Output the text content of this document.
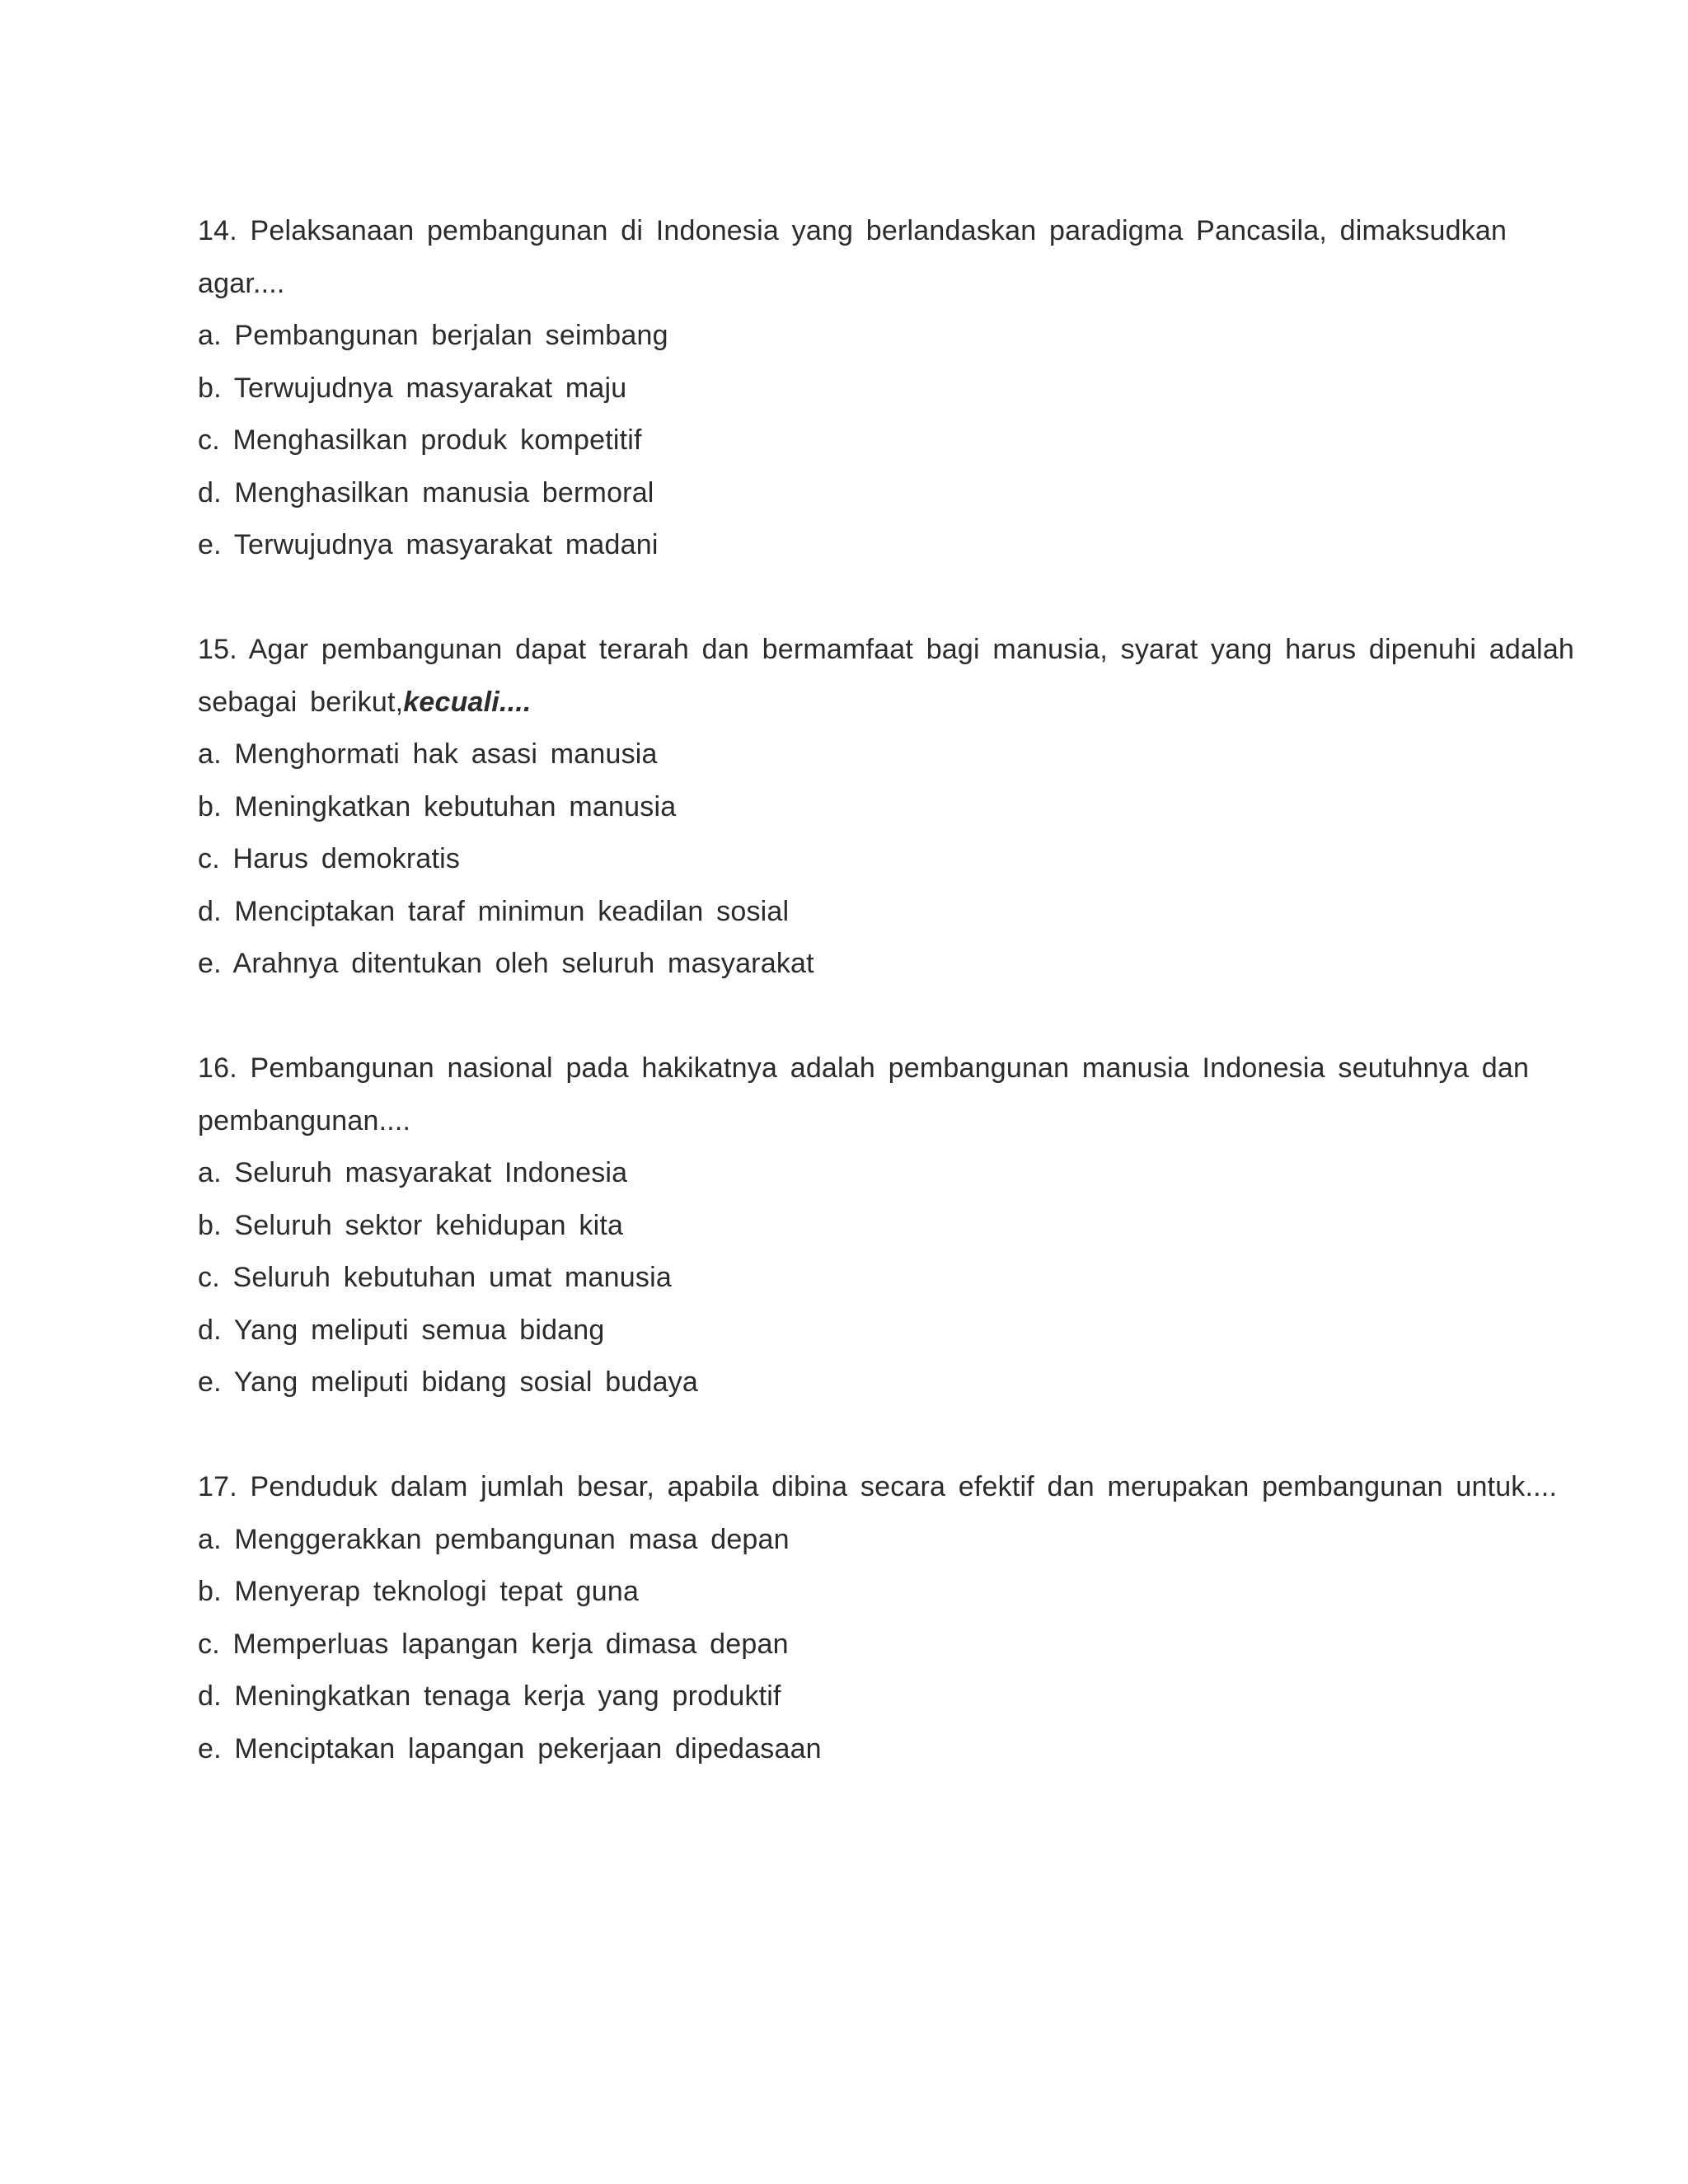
14. Pelaksanaan pembangunan di Indonesia yang berlandaskan paradigma Pancasila, dimaksudkan
agar....
a. Pembangunan berjalan seimbang
b. Terwujudnya masyarakat maju
c. Menghasilkan produk kompetitif
d. Menghasilkan manusia bermoral
e. Terwujudnya masyarakat madani
15. Agar pembangunan dapat terarah dan bermamfaat bagi manusia, syarat yang harus dipenuhi adalah
sebagai berikut,kecuali....
a. Menghormati hak asasi manusia
b. Meningkatkan kebutuhan manusia
c. Harus demokratis
d. Menciptakan taraf minimun keadilan sosial
e. Arahnya ditentukan oleh seluruh masyarakat
16. Pembangunan nasional pada hakikatnya adalah pembangunan manusia Indonesia seutuhnya dan
pembangunan....
a. Seluruh masyarakat Indonesia
b. Seluruh sektor kehidupan kita
c. Seluruh kebutuhan umat manusia
d. Yang meliputi semua bidang
e. Yang meliputi bidang sosial budaya
17. Penduduk dalam jumlah besar, apabila dibina secara efektif dan merupakan pembangunan untuk....
a. Menggerakkan pembangunan masa depan
b. Menyerap teknologi tepat guna
c. Memperluas lapangan kerja dimasa depan
d. Meningkatkan tenaga kerja yang produktif
e. Menciptakan lapangan pekerjaan dipedasaan
